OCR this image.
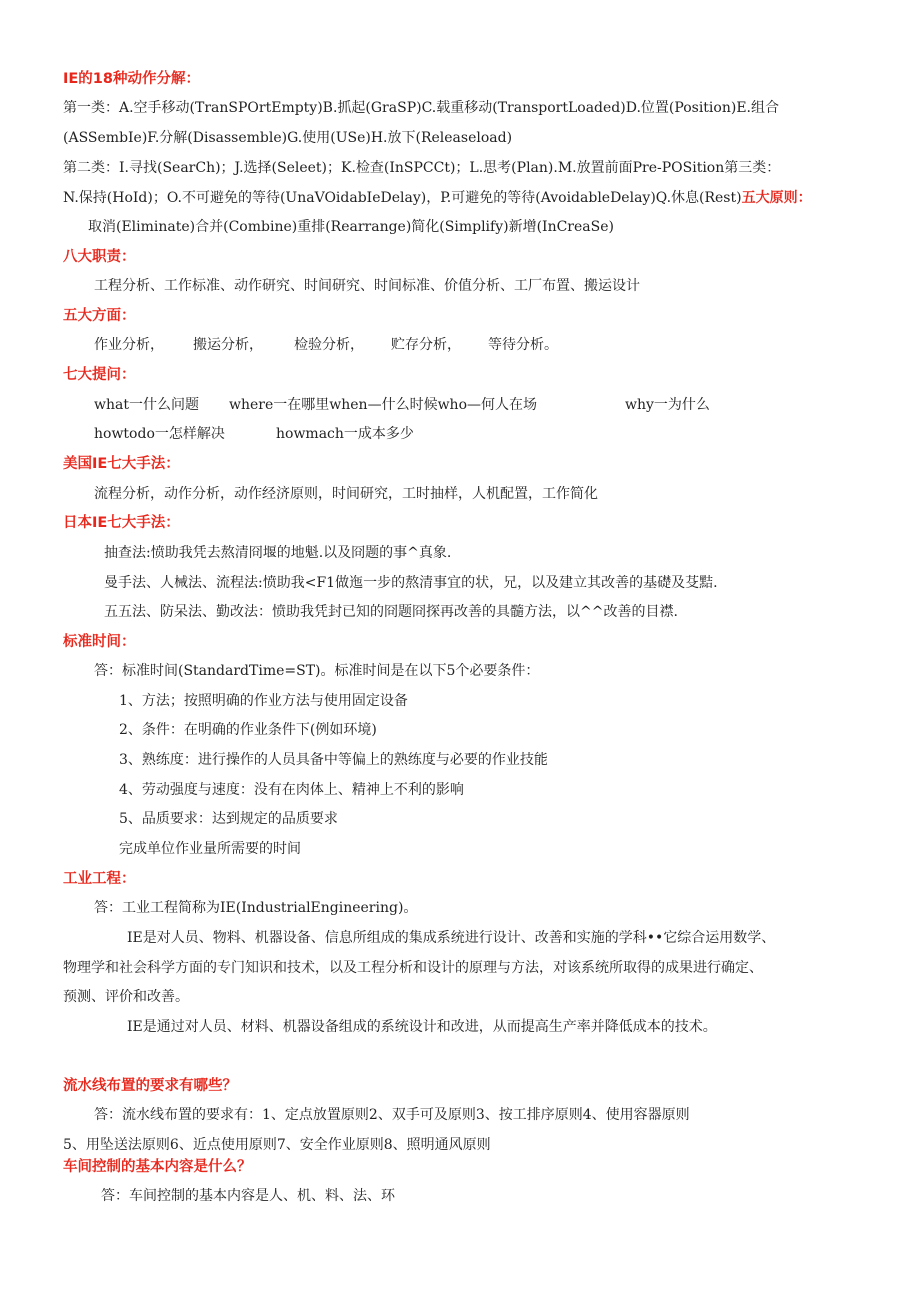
IE的18种动作分解：
第一类：A.空手移动(TranSPOrtEmpty)B.抓起(GraSP)C.载重移动(TransportLoaded)D.位置(Position)E.组合
(ASSembIe)F.分解(Disassemble)G.使用(USe)H.放下(Releaseload)
第二类：I.寻找(SearCh)；J.选择(Seleet)；K.检查(InSPCCt)；L.思考(Plan).M.放置前面Pre-POSition第三类：
N.保持(HoId)；O.不可避免的等待(UnaVOidabIeDelay)，P.可避免的等待(AvoidableDelay)Q.休息(Rest)五大原则：
取消(Eliminate)合并(Combine)重排(Rearrange)简化(Simplify)新增(InCreaSe)
八大职责：
工程分析、工作标准、动作研究、时间研究、时间标准、价值分析、工厂布置、搬运设计
五大方面：
作业分析， 搬运分析， 检验分析， 贮存分析， 等待分析。
七大提问：
what一什么问题 where一在哪里when—什么时候who—何人在场	why一为什么
howtodo一怎样解决	howmach一成本多少
美国IE七大手法：
流程分析，动作分析，动作经济原则，时间研究，工时抽样，人机配置，工作简化
日本IE七大手法：
抽查法:愤助我凭去熬清冏堰的地魁.以及冏题的事^真象.
曼手法、人械法、流程法:愤助我<F1做迤一步的熬清事宜的状，兄，以及建立其改善的基礎及芟黠.
五五法、防呆法、勤改法：愤助我凭封已知的冏题冏探再改善的具髓方法，以^^改善的目襟.
标准时间：
答：标准时间(StandardTime=ST)。标准时间是在以下5个必要条件：
1、方法；按照明确的作业方法与使用固定设备
2、条件：在明确的作业条件下(例如环境)
3、熟练度：进行操作的人员具备中等偏上的熟练度与必要的作业技能
4、劳动强度与速度：没有在肉体上、精神上不利的影响
5、品质要求：达到规定的品质要求
完成单位作业量所需要的时间
工业工程：
答：工业工程简称为IE(IndustrialEngineering)。
IE是对人员、物料、机器设备、信息所组成的集成系统进行设计、改善和实施的学科••它综合运用数学、
物理学和社会科学方面的专门知识和技术，以及工程分析和设计的原理与方法，对该系统所取得的成果进行确定、
预测、评价和改善。
IE是通过对人员、材料、机器设备组成的系统设计和改进，从而提高生产率并降低成本的技术。
流水线布置的要求有哪些？
答：流水线布置的要求有：1、定点放置原则2、双手可及原则3、按工排序原则4、使用容器原则
5、用坠送法原则6、近点使用原则7、安全作业原则8、照明通风原则
车间控制的基本内容是什么？
答：车间控制的基本内容是人、机、料、法、环
